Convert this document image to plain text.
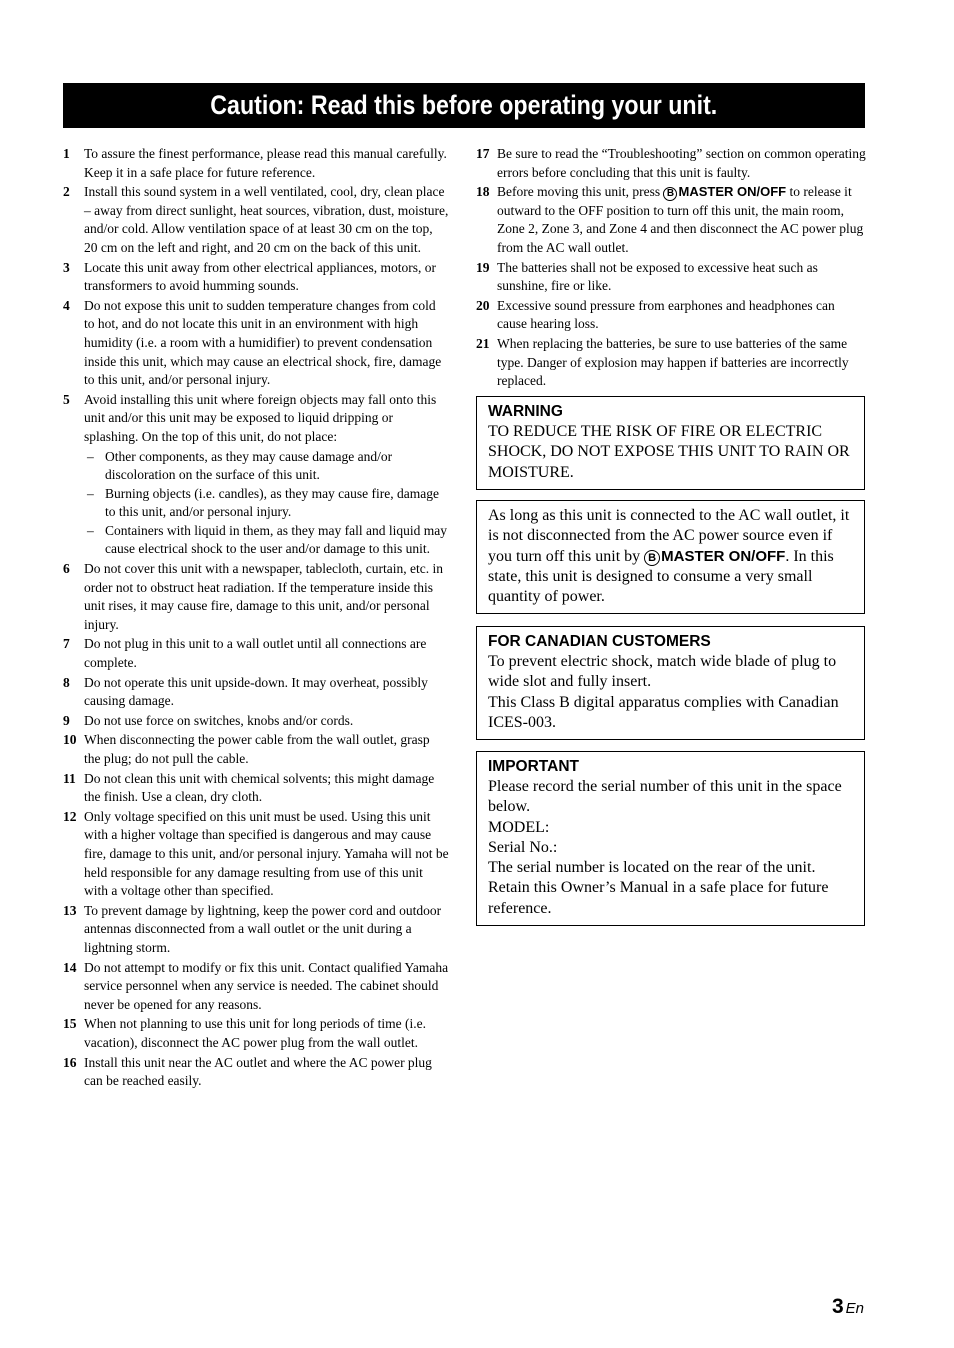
Caution: Read this before operating your unit.
1 To assure the finest performance, please read this manual carefully. Keep it in a safe place for future reference.
2 Install this sound system in a well ventilated, cool, dry, clean place – away from direct sunlight, heat sources, vibration, dust, moisture, and/or cold. Allow ventilation space of at least 30 cm on the top, 20 cm on the left and right, and 20 cm on the back of this unit.
3 Locate this unit away from other electrical appliances, motors, or transformers to avoid humming sounds.
4 Do not expose this unit to sudden temperature changes from cold to hot, and do not locate this unit in an environment with high humidity (i.e. a room with a humidifier) to prevent condensation inside this unit, which may cause an electrical shock, fire, damage to this unit, and/or personal injury.
5 Avoid installing this unit where foreign objects may fall onto this unit and/or this unit may be exposed to liquid dripping or splashing. On the top of this unit, do not place:
– Other components, as they may cause damage and/or discoloration on the surface of this unit.
– Burning objects (i.e. candles), as they may cause fire, damage to this unit, and/or personal injury.
– Containers with liquid in them, as they may fall and liquid may cause electrical shock to the user and/or damage to this unit.
6 Do not cover this unit with a newspaper, tablecloth, curtain, etc. in order not to obstruct heat radiation. If the temperature inside this unit rises, it may cause fire, damage to this unit, and/or personal injury.
7 Do not plug in this unit to a wall outlet until all connections are complete.
8 Do not operate this unit upside-down. It may overheat, possibly causing damage.
9 Do not use force on switches, knobs and/or cords.
10 When disconnecting the power cable from the wall outlet, grasp the plug; do not pull the cable.
11 Do not clean this unit with chemical solvents; this might damage the finish. Use a clean, dry cloth.
12 Only voltage specified on this unit must be used. Using this unit with a higher voltage than specified is dangerous and may cause fire, damage to this unit, and/or personal injury. Yamaha will not be held responsible for any damage resulting from use of this unit with a voltage other than specified.
13 To prevent damage by lightning, keep the power cord and outdoor antennas disconnected from a wall outlet or the unit during a lightning storm.
14 Do not attempt to modify or fix this unit. Contact qualified Yamaha service personnel when any service is needed. The cabinet should never be opened for any reasons.
15 When not planning to use this unit for long periods of time (i.e. vacation), disconnect the AC power plug from the wall outlet.
16 Install this unit near the AC outlet and where the AC power plug can be reached easily.
17 Be sure to read the “Troubleshooting” section on common operating errors before concluding that this unit is faulty.
18 Before moving this unit, press B MASTER ON/OFF to release it outward to the OFF position to turn off this unit, the main room, Zone 2, Zone 3, and Zone 4 and then disconnect the AC power plug from the AC wall outlet.
19 The batteries shall not be exposed to excessive heat such as sunshine, fire or like.
20 Excessive sound pressure from earphones and headphones can cause hearing loss.
21 When replacing the batteries, be sure to use batteries of the same type. Danger of explosion may happen if batteries are incorrectly replaced.
WARNING
TO REDUCE THE RISK OF FIRE OR ELECTRIC SHOCK, DO NOT EXPOSE THIS UNIT TO RAIN OR MOISTURE.
As long as this unit is connected to the AC wall outlet, it is not disconnected from the AC power source even if you turn off this unit by B MASTER ON/OFF. In this state, this unit is designed to consume a very small quantity of power.
FOR CANADIAN CUSTOMERS
To prevent electric shock, match wide blade of plug to wide slot and fully insert.
This Class B digital apparatus complies with Canadian ICES-003.
IMPORTANT
Please record the serial number of this unit in the space below.
MODEL:
Serial No.:
The serial number is located on the rear of the unit. Retain this Owner’s Manual in a safe place for future reference.
3 En
